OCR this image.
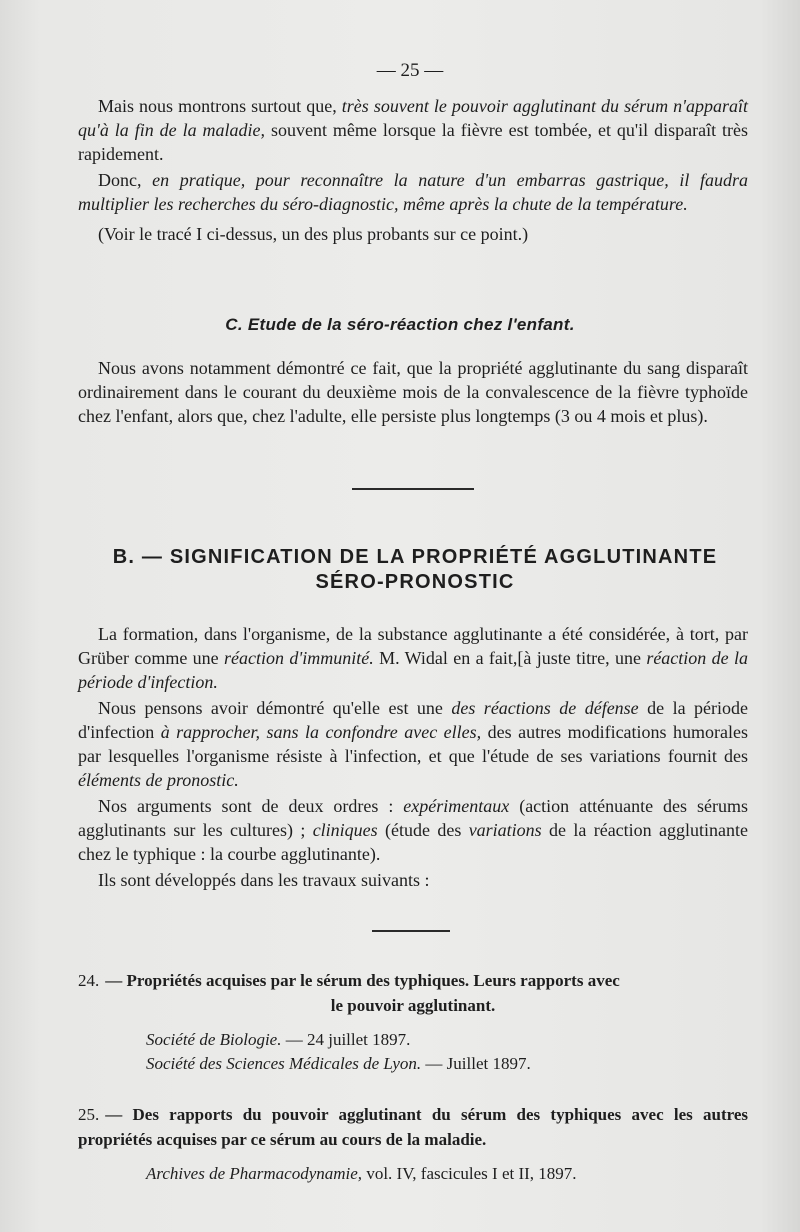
— 25 —

Mais nous montrons surtout que, très souvent le pouvoir agglutinant du sérum n'apparaît qu'à la fin de la maladie, souvent même lorsque la fièvre est tombée, et qu'il disparaît très rapidement.

Donc, en pratique, pour reconnaître la nature d'un embarras gastrique, il faudra multiplier les recherches du séro-diagnostic, même après la chute de la température.

(Voir le tracé I ci-dessus, un des plus probants sur ce point.)

C. Etude de la séro-réaction chez l'enfant.

Nous avons notamment démontré ce fait, que la propriété agglutinante du sang disparaît ordinairement dans le courant du deuxième mois de la convalescence de la fièvre typhoïde chez l'enfant, alors que, chez l'adulte, elle persiste plus longtemps (3 ou 4 mois et plus).

B. — SIGNIFICATION DE LA PROPRIÉTÉ AGGLUTINANTE
SÉRO-PRONOSTIC

La formation, dans l'organisme, de la substance agglutinante a été considérée, à tort, par Grüber comme une réaction d'immunité. M. Widal en a fait,[à juste titre, une réaction de la période d'infection.

Nous pensons avoir démontré qu'elle est une des réactions de défense de la période d'infection à rapprocher, sans la confondre avec elles, des autres modifications humorales par lesquelles l'organisme résiste à l'infection, et que l'étude de ses variations fournit des éléments de pronostic.

Nos arguments sont de deux ordres : expérimentaux (action atténuante des sérums agglutinants sur les cultures) ; cliniques (étude des variations de la réaction agglutinante chez le typhique : la courbe agglutinante).

Ils sont développés dans les travaux suivants :

24. — Propriétés acquises par le sérum des typhiques. Leurs rapports avec
le pouvoir agglutinant.
Société de Biologie. — 24 juillet 1897.
Société des Sciences Médicales de Lyon. — Juillet 1897.
25. — Des rapports du pouvoir agglutinant du sérum des typhiques avec les autres propriétés acquises par ce sérum au cours de la maladie.
Archives de Pharmacodynamie, vol. IV, fascicules I et II, 1897.
